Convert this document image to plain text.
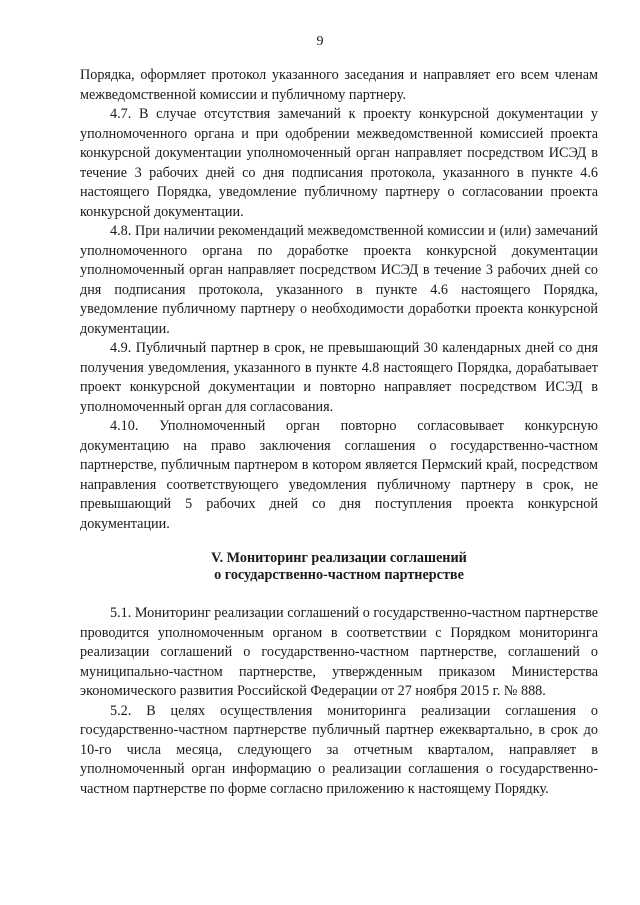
9

Порядка, оформляет протокол указанного заседания и направляет его всем членам межведомственной комиссии и публичному партнеру.

4.7. В случае отсутствия замечаний к проекту конкурсной документации у уполномоченного органа и при одобрении межведомственной комиссией проекта конкурсной документации уполномоченный орган направляет посредством ИСЭД в течение 3 рабочих дней со дня подписания протокола, указанного в пункте 4.6 настоящего Порядка, уведомление публичному партнеру о согласовании проекта конкурсной документации.

4.8. При наличии рекомендаций межведомственной комиссии и (или) замечаний уполномоченного органа по доработке проекта конкурсной документации уполномоченный орган направляет посредством ИСЭД в течение 3 рабочих дней со дня подписания протокола, указанного в пункте 4.6 настоящего Порядка, уведомление публичному партнеру о необходимости доработки проекта конкурсной документации.

4.9. Публичный партнер в срок, не превышающий 30 календарных дней со дня получения уведомления, указанного в пункте 4.8 настоящего Порядка, дорабатывает проект конкурсной документации и повторно направляет посредством ИСЭД в уполномоченный орган для согласования.

4.10. Уполномоченный орган повторно согласовывает конкурсную документацию на право заключения соглашения о государственно-частном партнерстве, публичным партнером в котором является Пермский край, посредством направления соответствующего уведомления публичному партнеру в срок, не превышающий 5 рабочих дней со дня поступления проекта конкурсной документации.

V. Мониторинг реализации соглашений
о государственно-частном партнерстве

5.1. Мониторинг реализации соглашений о государственно-частном партнерстве проводится уполномоченным органом в соответствии с Порядком мониторинга реализации соглашений о государственно-частном партнерстве, соглашений о муниципально-частном партнерстве, утвержденным приказом Министерства экономического развития Российской Федерации от 27 ноября 2015 г. № 888.

5.2. В целях осуществления мониторинга реализации соглашения о государственно-частном партнерстве публичный партнер ежеквартально, в срок до 10-го числа месяца, следующего за отчетным кварталом, направляет в уполномоченный орган информацию о реализации соглашения о государственно-частном партнерстве по форме согласно приложению к настоящему Порядку.
